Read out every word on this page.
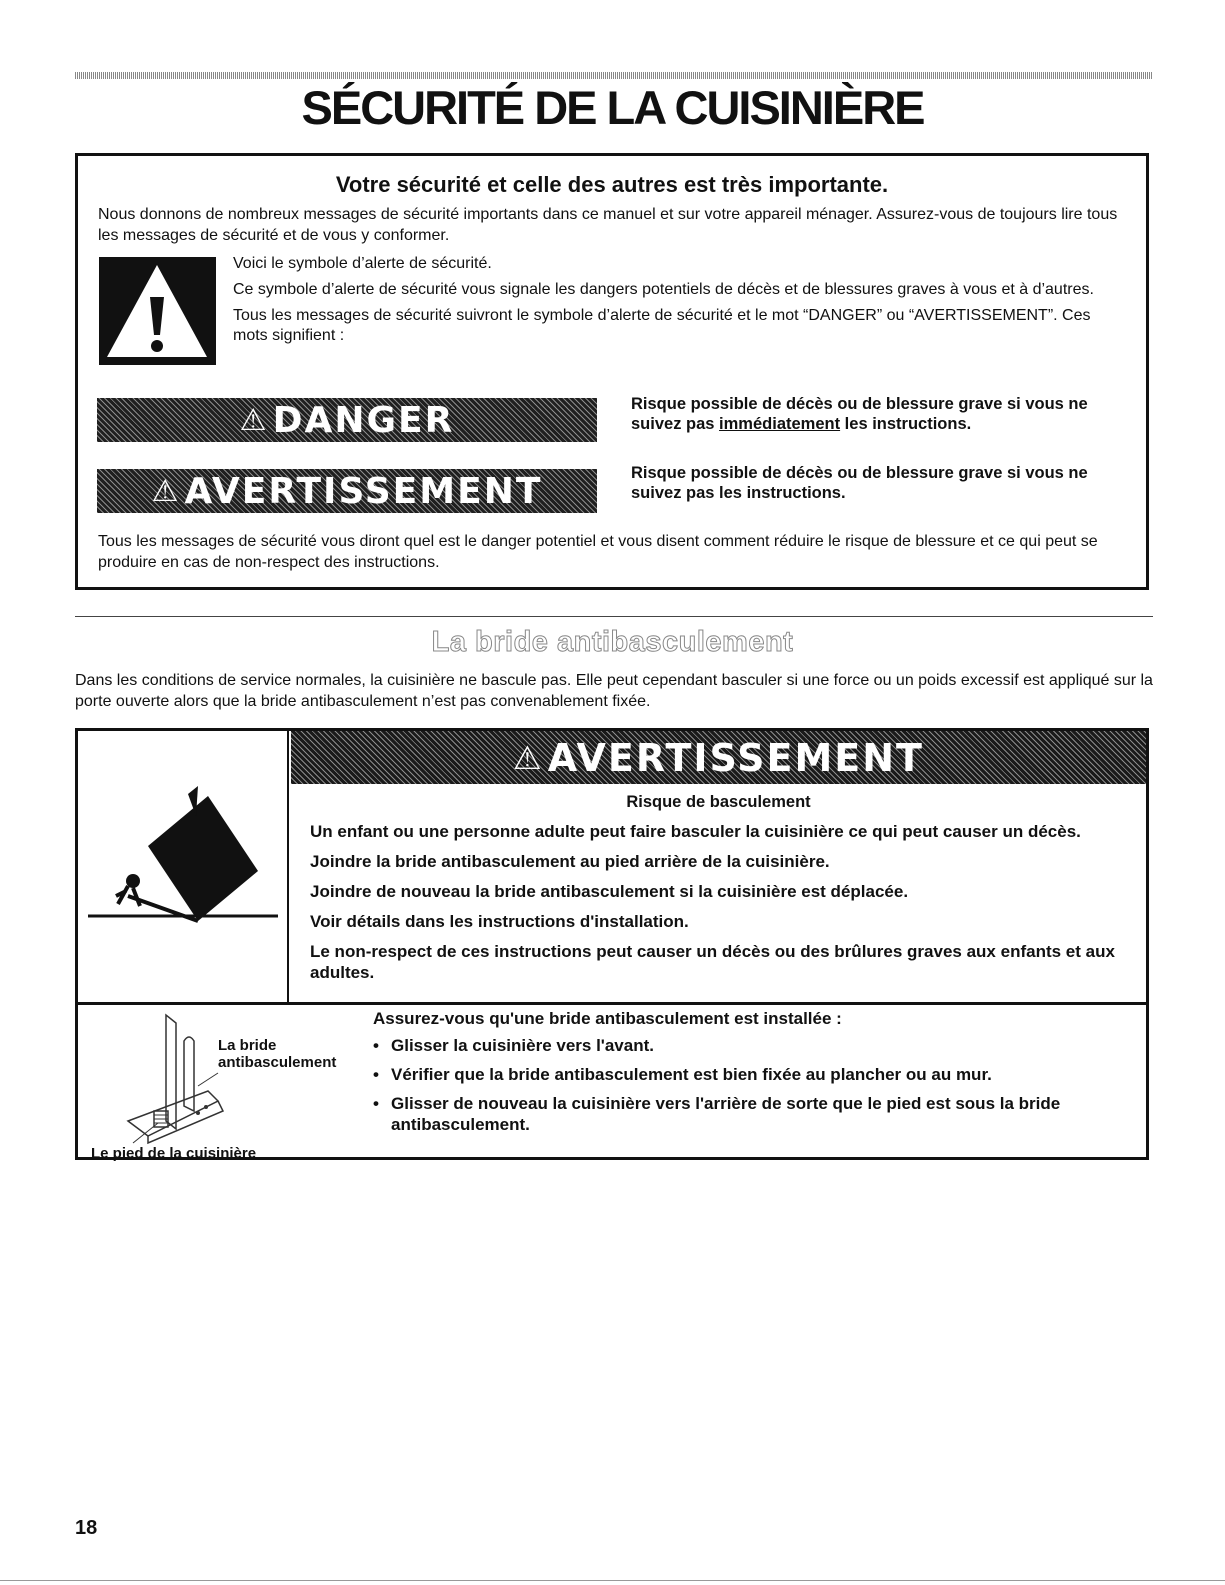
SÉCURITÉ DE LA CUISINIÈRE
Votre sécurité et celle des autres est très importante.
Nous donnons de nombreux messages de sécurité importants dans ce manuel et sur votre appareil ménager. Assurez-vous de toujours lire tous les messages de sécurité et de vous y conformer.

Voici le symbole d’alerte de sécurité.

Ce symbole d’alerte de sécurité vous signale les dangers potentiels de décès et de blessures graves à vous et à d’autres.

Tous les messages de sécurité suivront le symbole d’alerte de sécurité et le mot “DANGER” ou “AVERTISSEMENT”. Ces mots signifient :

⚠ DANGER	Risque possible de décès ou de blessure grave si vous ne suivez pas immédiatement les instructions.
⚠ AVERTISSEMENT	Risque possible de décès ou de blessure grave si vous ne suivez pas les instructions.
Tous les messages de sécurité vous diront quel est le danger potentiel et vous disent comment réduire le risque de blessure et ce qui peut se produire en cas de non-respect des instructions.
La bride antibasculement
Dans les conditions de service normales, la cuisinière ne bascule pas. Elle peut cependant basculer si une force ou un poids excessif est appliqué sur la porte ouverte alors que la bride antibasculement n’est pas convenablement fixée.
⚠ AVERTISSEMENT
Risque de basculement

Un enfant ou une personne adulte peut faire basculer la cuisinière ce qui peut causer un décès.

Joindre la bride antibasculement au pied arrière de la cuisinière.

Joindre de nouveau la bride antibasculement si la cuisinière est déplacée.

Voir détails dans les instructions d'installation.

Le non-respect de ces instructions peut causer un décès ou des brûlures graves aux enfants et aux adultes.

La bride
antibasculement
Le pied de la cuisinière
Assurez-vous qu'une bride antibasculement est installée :
• Glisser la cuisinière vers l'avant.
• Vérifier que la bride antibasculement est bien fixée au plancher ou au mur.
• Glisser de nouveau la cuisinière vers l'arrière de sorte que le pied est sous la bride antibasculement.
18
